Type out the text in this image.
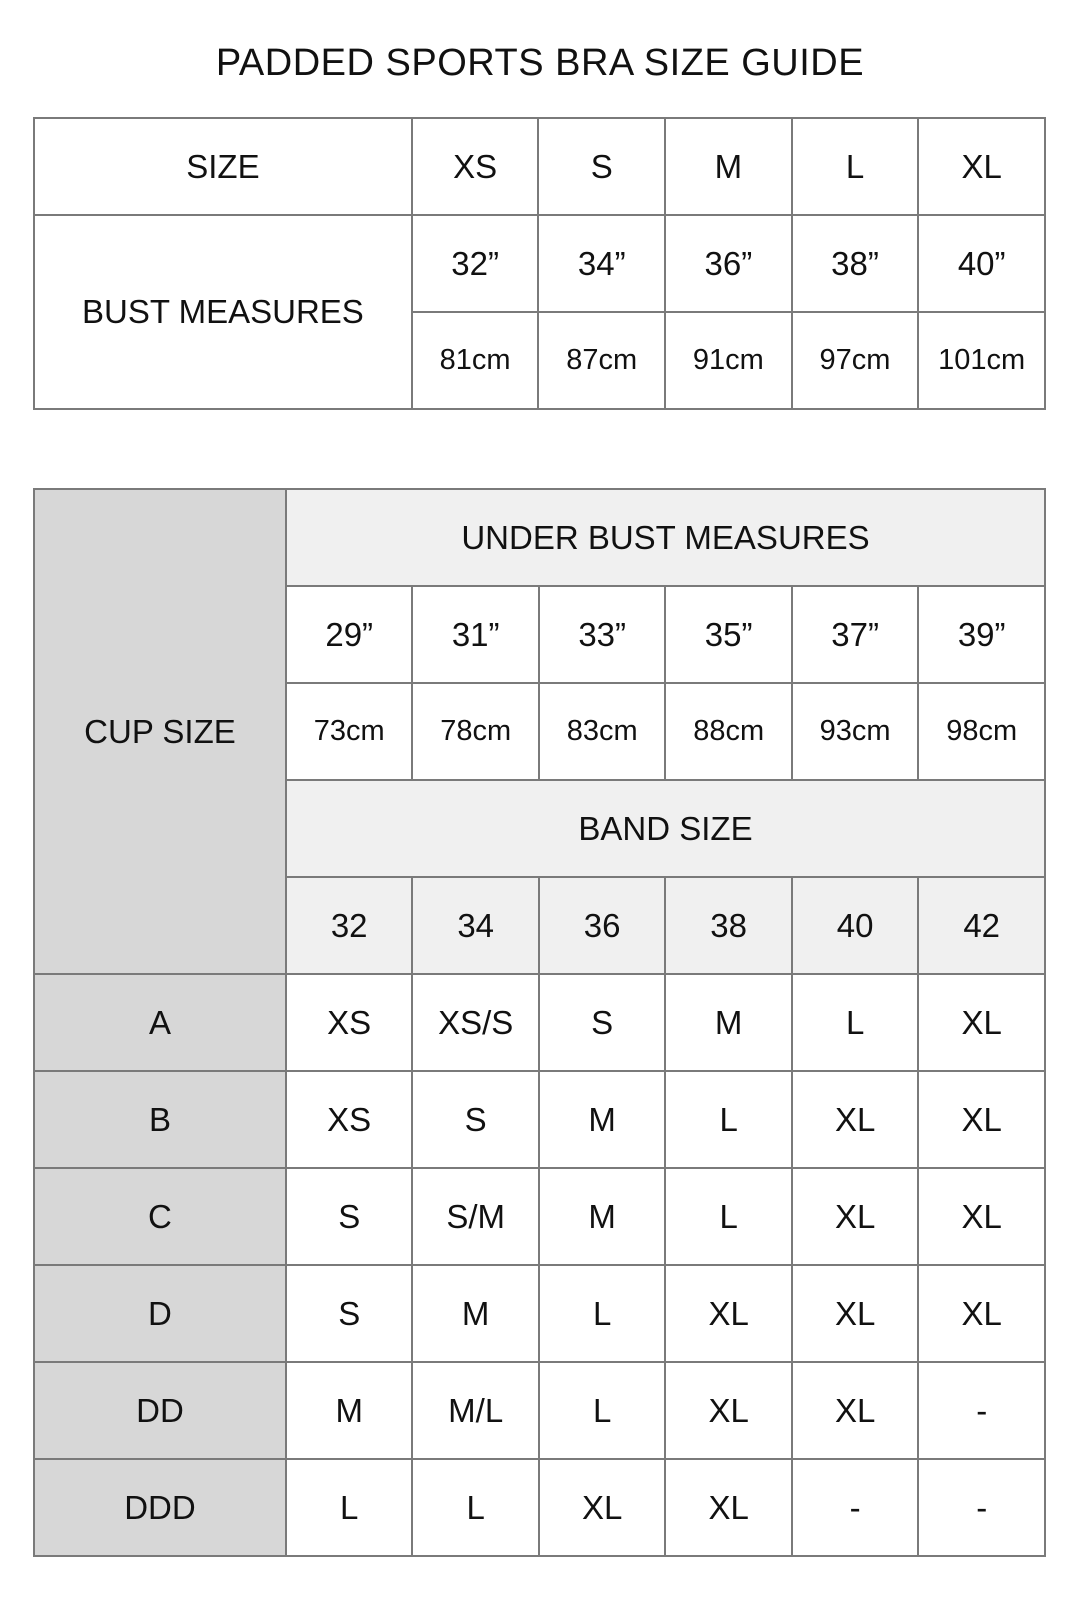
PADDED SPORTS BRA SIZE GUIDE
SIZE	XS	S	M	L	XL
BUST MEASURES	32”	34”	36”	38”	40”
	81cm	87cm	91cm	97cm	101cm
CUP SIZE	UNDER BUST MEASURES					
	29”	31”	33”	35”	37”	39”
	73cm	78cm	83cm	88cm	93cm	98cm
	BAND SIZE					
	32	34	36	38	40	42
A	XS	XS/S	S	M	L	XL
B	XS	S	M	L	XL	XL
C	S	S/M	M	L	XL	XL
D	S	M	L	XL	XL	XL
DD	M	M/L	L	XL	XL	-
DDD	L	L	XL	XL	-	-
